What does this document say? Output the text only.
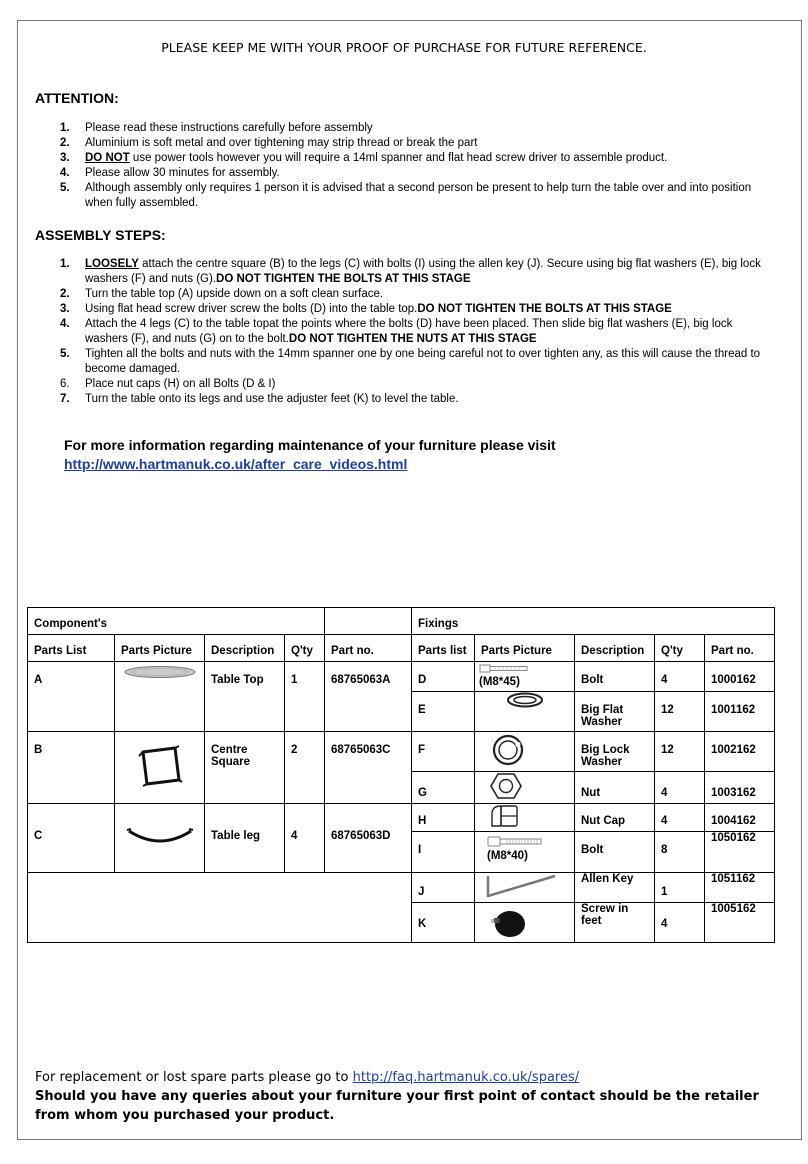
PLEASE KEEP ME WITH YOUR PROOF OF PURCHASE FOR FUTURE REFERENCE.
ATTENTION:
1. Please read these instructions carefully before assembly
2. Aluminium is soft metal and over tightening may strip thread or break the part
3. DO NOT use power tools however you will require a 14ml spanner and flat head screw driver to assemble product.
4. Please allow 30 minutes for assembly.
5. Although assembly only requires 1 person it is advised that a second person be present to help turn the table over and into position when fully assembled.
ASSEMBLY STEPS:
1. LOOSELY attach the centre square (B) to the legs (C) with bolts (I) using the allen key (J). Secure using big flat washers (E), big lock washers (F) and nuts (G).DO NOT TIGHTEN THE BOLTS AT THIS STAGE
2. Turn the table top (A) upside down on a soft clean surface.
3. Using flat head screw driver screw the bolts (D) into the table top.DO NOT TIGHTEN THE BOLTS AT THIS STAGE
4. Attach the 4 legs (C) to the table topat the points where the bolts (D) have been placed. Then slide big flat washers (E), big lock washers (F), and nuts (G) on to the bolt.DO NOT TIGHTEN THE NUTS AT THIS STAGE
5. Tighten all the bolts and nuts with the 14mm spanner one by one being careful not to over tighten any, as this will cause the thread to become damaged.
6. Place nut caps (H) on all Bolts (D & I)
7. Turn the table onto its legs and use the adjuster feet (K) to level the table.
For more information regarding maintenance of your furniture please visit
http://www.hartmanuk.co.uk/after_care_videos.html
Component's					Fixings				
Parts List	Parts Picture	Description	Q'ty	Part no.	Parts list	Parts Picture	Description	Q'ty	Part no.
A		Table Top	1	68765063A	D	(M8*45)	Bolt	4	1000162
					E		Big Flat Washer	12	1001162
B		Centre Square	2	68765063C	F		Big Lock Washer	12	1002162
					G		Nut	4	1003162
C		Table leg	4	68765063D	H		Nut Cap	4	1004162
					I	(M8*40)	Bolt	8	1050162
					J		Allen Key	1	1051162
					K		Screw in feet	4	1005162
For replacement or lost spare parts please go to http://faq.hartmanuk.co.uk/spares/
Should you have any queries about your furniture your first point of contact should be the retailer from whom you purchased your product.
